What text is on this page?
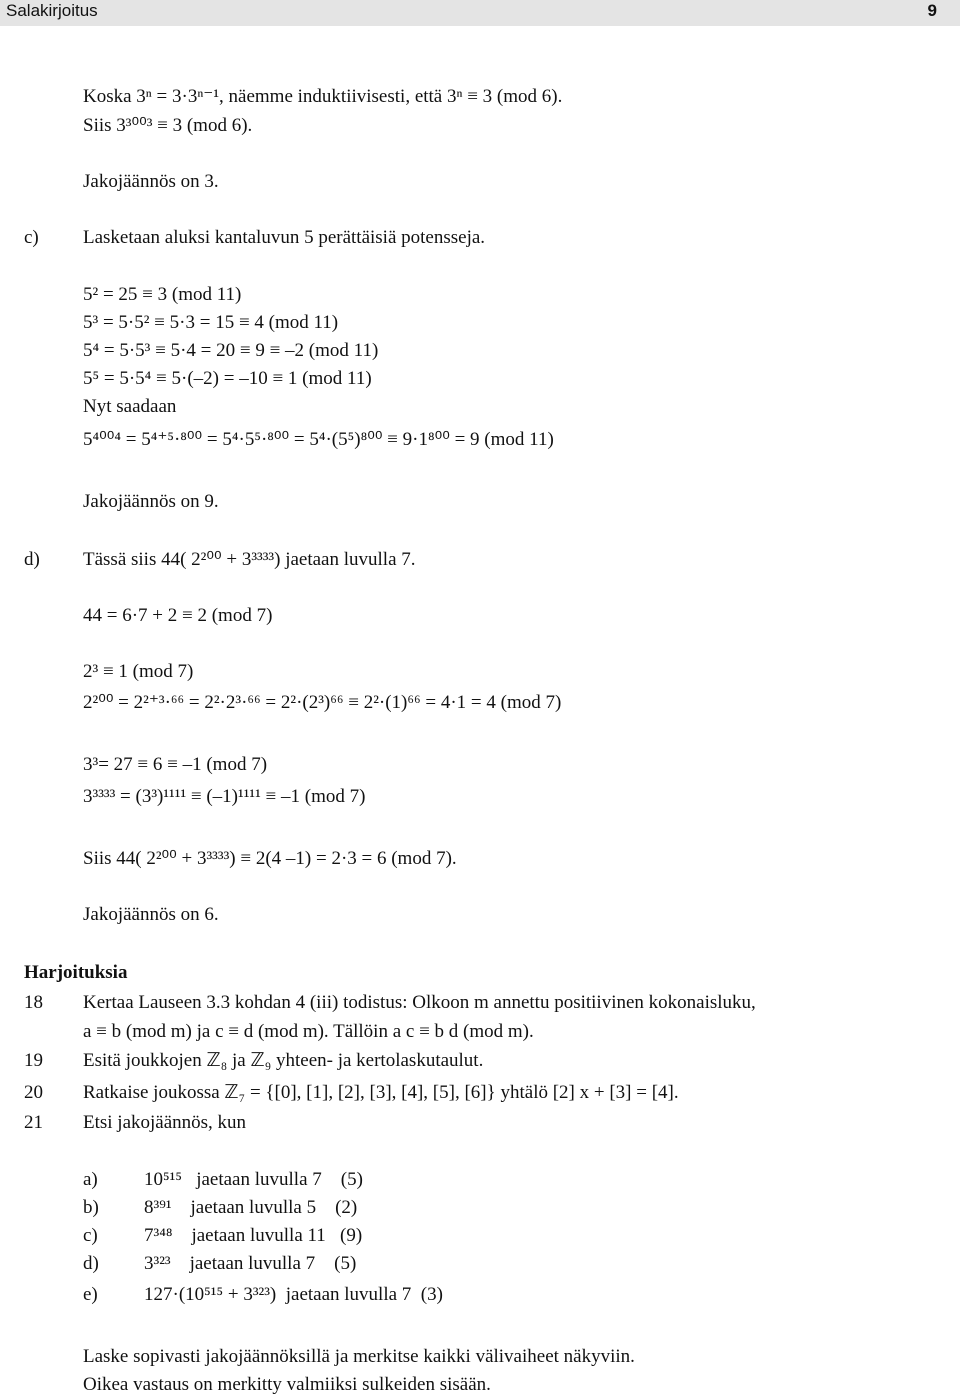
Salakirjoitus	9
Koska 3ⁿ = 3·3ⁿ⁻¹, näemme induktiivisesti, että 3ⁿ ≡ 3 (mod 6).
Siis 3³⁰⁰³ ≡ 3 (mod 6).
Jakojäännös on 3.
Lasketaan aluksi kantaluvun 5 perättäisiä potensseja.
5² = 25 ≡ 3 (mod 11)
5³ = 5·5² ≡ 5·3 = 15 ≡ 4 (mod 11)
5⁴ = 5·5³ ≡ 5·4 = 20 ≡ 9 ≡ –2 (mod 11)
5⁵ = 5·5⁴ ≡ 5·(–2) = –10 ≡ 1 (mod 11)
Nyt saadaan
5⁴⁰⁰⁴ = 5⁴⁺⁵·⁸⁰⁰ = 5⁴·5⁵·⁸⁰⁰ = 5⁴·(5⁵)⁸⁰⁰ ≡ 9·1⁸⁰⁰ = 9 (mod 11)
Jakojäännös on 9.
Tässä siis 44( 2²⁰⁰ + 3³³³³) jaetaan luvulla 7.
44 = 6·7 + 2 ≡ 2 (mod 7)
2³ ≡ 1 (mod 7)
2²⁰⁰ = 2²⁺³·⁶⁶ = 2²·2³·⁶⁶ = 2²·(2³)⁶⁶ ≡ 2²·(1)⁶⁶ = 4·1 = 4 (mod 7)
3³= 27 ≡ 6 ≡ –1 (mod 7)
3³³³³ = (3³)¹¹¹¹ ≡ (–1)¹¹¹¹ ≡ –1 (mod 7)
Siis 44( 2²⁰⁰ + 3³³³³) ≡ 2(4 –1) = 2·3 = 6 (mod 7).
Jakojäännös on 6.
c)
d)
Harjoituksia
18 Kertaa Lauseen 3.3 kohdan 4 (iii) todistus: Olkoon m annettu positiivinen kokonaisluku,
a ≡ b (mod m) ja c ≡ d (mod m). Tällöin a c ≡ b d (mod m).
19 Esitä joukkojen ℤ₈ ja ℤ₉ yhteen- ja kertolaskutaulut.
20 Ratkaise joukossa ℤ₇ = {[0], [1], [2], [3], [4], [5], [6]} yhtälö [2] x + [3] = [4].
21 Etsi jakojäännös, kun
a) 10⁵¹⁵   jaetaan luvulla 7    (5)
b) 8³⁹¹    jaetaan luvulla 5    (2)
c) 7³⁴⁸    jaetaan luvulla 11   (9)
d) 3³²³    jaetaan luvulla 7    (5)
e) 127·(10⁵¹⁵ + 3³²³)  jaetaan luvulla 7  (3)
Laske sopivasti jakojäännöksillä ja merkitse kaikki välivaiheet näkyviin.
Oikea vastaus on merkitty valmiiksi sulkeiden sisään.
